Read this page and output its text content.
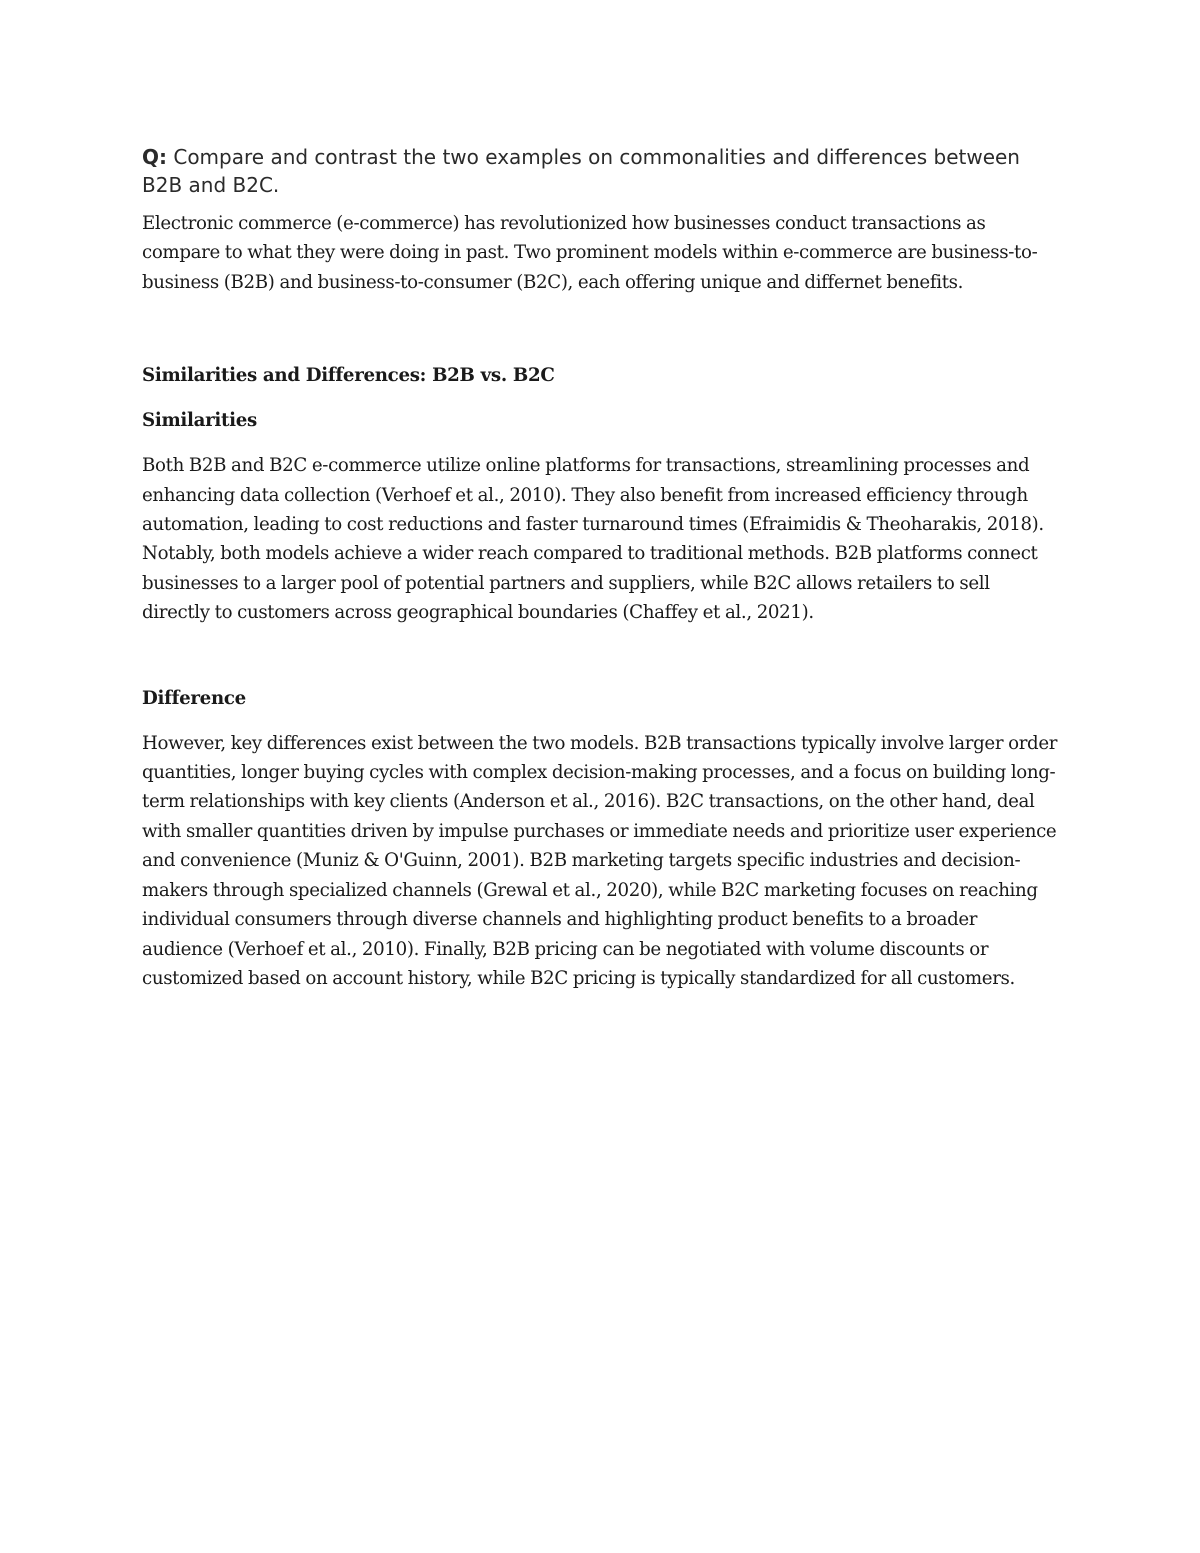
Q: Compare and contrast the two examples on commonalities and differences between B2B and B2C.

Electronic commerce (e-commerce) has revolutionized how businesses conduct transactions as compare to what they were doing in past. Two prominent models within e-commerce are business-to-business (B2B) and business-to-consumer (B2C), each offering unique and differnet benefits.

Similarities and Differences: B2B vs. B2C

Similarities

Both B2B and B2C e-commerce utilize online platforms for transactions, streamlining processes and enhancing data collection (Verhoef et al., 2010). They also benefit from increased efficiency through automation, leading to cost reductions and faster turnaround times (Efraimidis & Theoharakis, 2018). Notably, both models achieve a wider reach compared to traditional methods. B2B platforms connect businesses to a larger pool of potential partners and suppliers, while B2C allows retailers to sell directly to customers across geographical boundaries (Chaffey et al., 2021).

Difference

However, key differences exist between the two models. B2B transactions typically involve larger order quantities, longer buying cycles with complex decision-making processes, and a focus on building long-term relationships with key clients (Anderson et al., 2016). B2C transactions, on the other hand, deal with smaller quantities driven by impulse purchases or immediate needs and prioritize user experience and convenience (Muniz & O'Guinn, 2001). B2B marketing targets specific industries and decision-makers through specialized channels (Grewal et al., 2020), while B2C marketing focuses on reaching individual consumers through diverse channels and highlighting product benefits to a broader audience (Verhoef et al., 2010). Finally, B2B pricing can be negotiated with volume discounts or customized based on account history, while B2C pricing is typically standardized for all customers.
